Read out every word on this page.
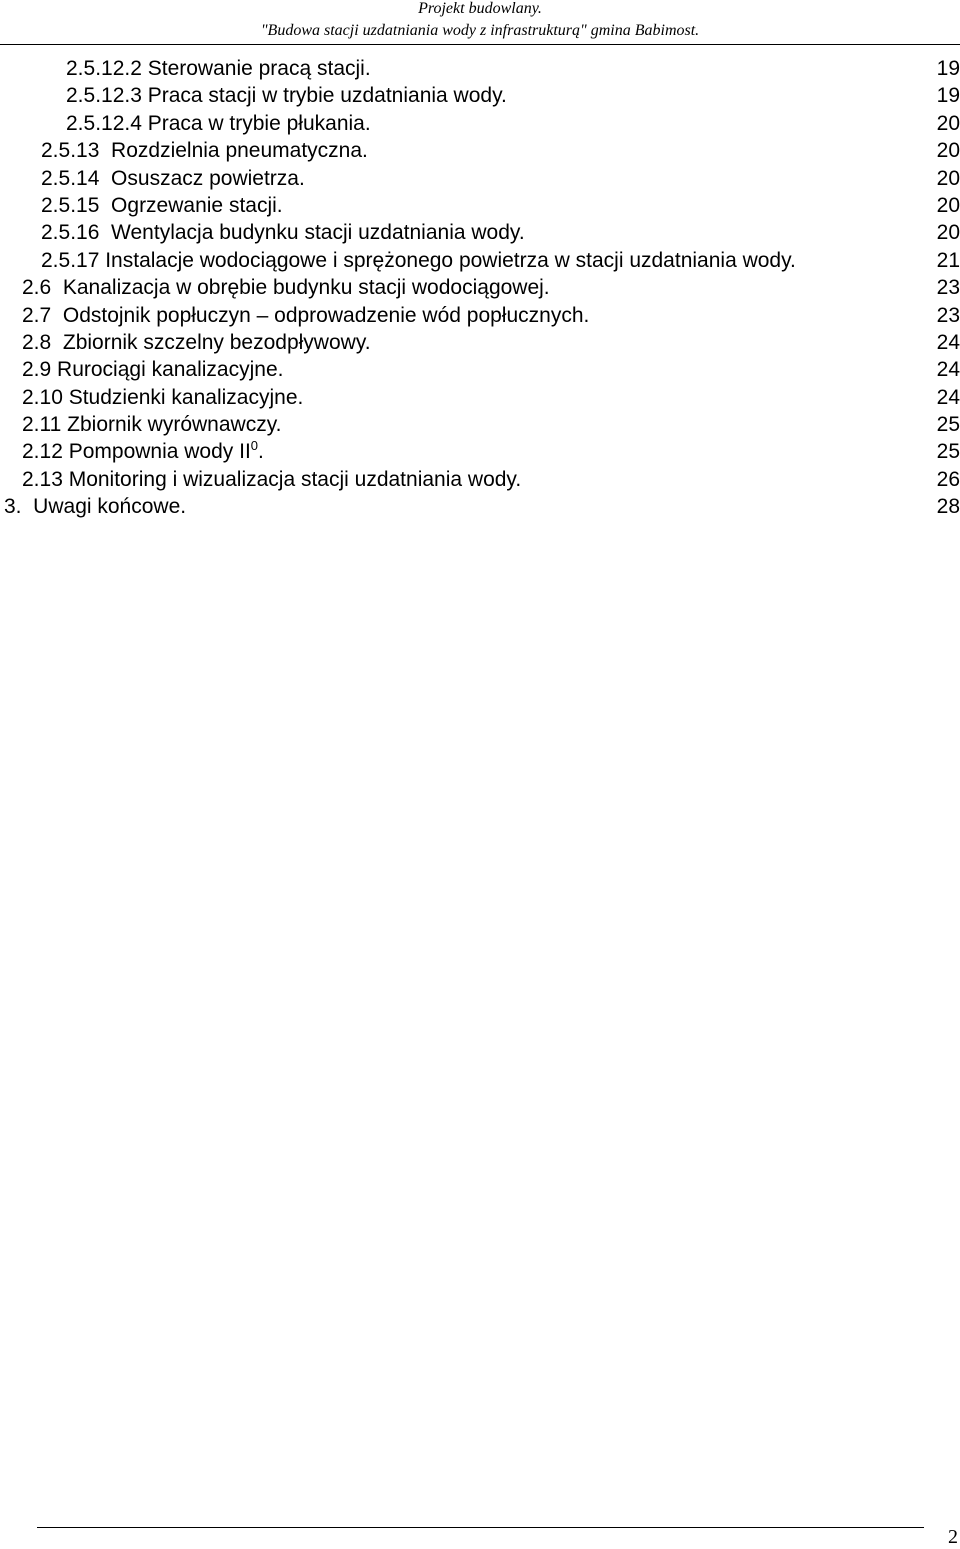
Projekt budowlany.
"Budowa stacji uzdatniania wody z infrastrukturą" gmina Babimost.
2.5.12.2 Sterowanie pracą stacji.	19
2.5.12.3 Praca stacji w trybie uzdatniania wody.	19
2.5.12.4 Praca w trybie płukania.	20
2.5.13  Rozdzielnia pneumatyczna.	20
2.5.14  Osuszacz powietrza.	20
2.5.15  Ogrzewanie stacji.	20
2.5.16  Wentylacja budynku stacji uzdatniania wody.	20
2.5.17 Instalacje wodociągowe i sprężonego powietrza w stacji uzdatniania wody.	21
2.6  Kanalizacja w obrębie budynku stacji wodociągowej.	23
2.7  Odstojnik popłuczyn – odprowadzenie wód popłucznych.	23
2.8  Zbiornik szczelny bezodpływowy.	24
2.9 Rurociągi kanalizacyjne.	24
2.10 Studzienki kanalizacyjne.	24
2.11 Zbiornik wyrównawczy.	25
2.12 Pompownia wody $II^0$.	25
2.13 Monitoring i wizualizacja stacji uzdatniania wody.	26
3.  Uwagi końcowe.	28
2
